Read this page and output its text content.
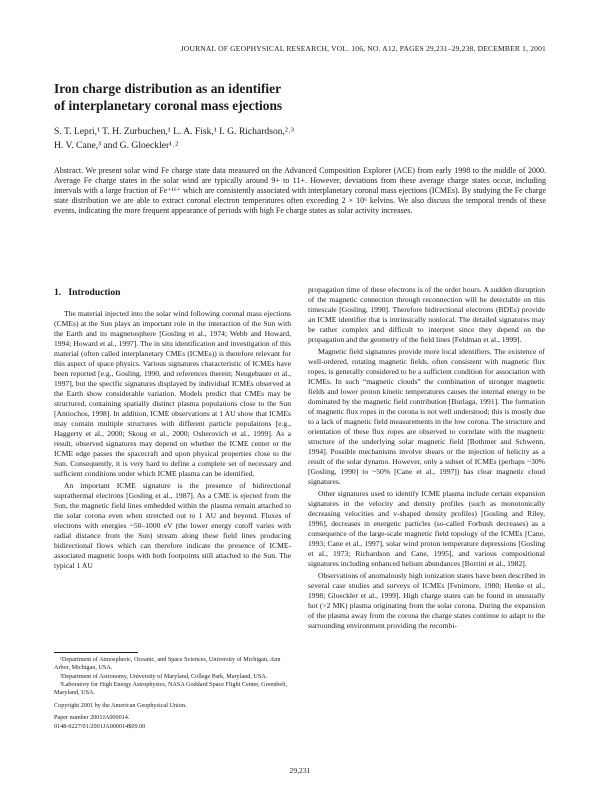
JOURNAL OF GEOPHYSICAL RESEARCH, VOL. 106, NO. A12, PAGES 29,231–29,238, DECEMBER 1, 2001
Iron charge distribution as an identifier
of interplanetary coronal mass ejections
S. T. Lepri,¹ T. H. Zurbuchen,¹ L. A. Fisk,¹ I. G. Richardson,²˒³
H. V. Cane,³ and G. Gloeckler¹˒²
Abstract. We present solar wind Fe charge state data measured on the Advanced Composition Explorer (ACE) from early 1998 to the middle of 2000. Average Fe charge states in the solar wind are typically around 9+ to 11+. However, deviations from these average charge states occur, including intervals with a large fraction of Fe⁺¹⁶⁺ which are consistently associated with interplanetary coronal mass ejections (ICMEs). By studying the Fe charge state distribution we are able to extract coronal electron temperatures often exceeding 2 × 10⁶ kelvins. We also discuss the temporal trends of these events, indicating the more frequent appearance of periods with high Fe charge states as solar activity increases.
1. Introduction

The material injected into the solar wind following coronal mass ejections (CMEs) at the Sun plays an important role in the interaction of the Sun with the Earth and its magnetosphere [Gosling et al., 1974; Webb and Howard, 1994; Howard et al., 1997]. The in situ identification and investigation of this material (often called interplanetary CMEs (ICMEs)) is therefore relevant for this aspect of space physics. Various signatures characteristic of ICMEs have been reported [e.g., Gosling, 1990, and references therein; Neugebauer et al., 1997], but the specific signatures displayed by individual ICMEs observed at the Earth show considerable variation. Models predict that CMEs may be structured, containing spatially distinct plasma populations close to the Sun [Antiochos, 1998]. In addition, ICME observations at 1 AU show that ICMEs may contain multiple structures with different particle populations [e.g., Haggerty et al., 2000; Skoug et al., 2000; Osherovich et al., 1999]. As a result, observed signatures may depend on whether the ICME center or the ICME edge passes the spacecraft and upon physical properties close to the Sun. Consequently, it is very hard to define a complete set of necessary and sufficient conditions under which ICME plasma can be identified.

An important ICME signature is the presence of bidirectional suprathermal electrons [Gosling et al., 1987]. As a CME is ejected from the Sun, the magnetic field lines embedded within the plasma remain attached to the solar corona even when stretched out to 1 AU and beyond. Fluxes of electrons with energies ~50–1000 eV (the lower energy cutoff varies with radial distance from the Sun) stream along these field lines producing bidirectional flows which can therefore indicate the presence of ICME-associated magnetic loops with both footpoints still attached to the Sun. The typical 1 AU

propagation time of these electrons is of the order hours. A sudden disruption of the magnetic connection through reconnection will be detectable on this timescale [Gosling, 1990]. Therefore bidirectional electrons (BDEs) provide an ICME identifier that is intrinsically nonlocal. The detailed signatures may be rather complex and difficult to interpret since they depend on the propagation and the geometry of the field lines [Feldman et al., 1999].

Magnetic field signatures provide more local identifiers. The existence of well-ordered, rotating magnetic fields, often consistent with magnetic flux ropes, is generally considered to be a sufficient condition for association with ICMEs. In such “magnetic clouds” the combination of stronger magnetic fields and lower proton kinetic temperatures causes the internal energy to be dominated by the magnetic field contribution [Burlaga, 1991]. The formation of magnetic flux ropes in the corona is not well understood; this is mostly due to a lack of magnetic field measurements in the low corona. The structure and orientation of these flux ropes are observed to correlate with the magnetic structure of the underlying solar magnetic field [Bothmer and Schwenn, 1994]. Possible mechanisms involve shears or the injection of helicity as a result of the solar dynamo. However, only a subset of ICMEs (perhaps ~30% [Gosling, 1990] to ~50% [Cane et al., 1997]) has clear magnetic cloud signatures.

Other signatures used to identify ICME plasma include certain expansion signatures in the velocity and density profiles (such as monotonically decreasing velocities and v-shaped density profiles) [Gosling and Riley, 1996], decreases in energetic particles (so-called Forbush decreases) as a consequence of the large-scale magnetic field topology of the ICMEs [Cane, 1993; Cane et al., 1997], solar wind proton temperature depressions [Gosling et al., 1973; Richardson and Cane, 1995], and various compositional signatures including enhanced helium abundances [Borrini et al., 1982].

Observations of anomalously high ionization states have been described in several case studies and surveys of ICMEs [Fenimore, 1980; Henke et al., 1998; Gloeckler et al., 1999]. High charge states can be found in unusually hot (>2 MK) plasma originating from the solar corona. During the expansion of the plasma away from the corona the charge states continue to adapt to the surrounding environment providing the recombi-

¹Department of Atmospheric, Oceanic, and Space Sciences, University of Michigan, Ann Arbor, Michigan, USA.

²Department of Astronomy, University of Maryland, College Park, Maryland, USA.

³Laboratory for High Energy Astrophysics, NASA Goddard Space Flight Center, Greenbelt, Maryland, USA.

Copyright 2001 by the American Geophysical Union.

Paper number 2001JA000014.

0148-0227/01/2001JA000014$09.00

29,231
